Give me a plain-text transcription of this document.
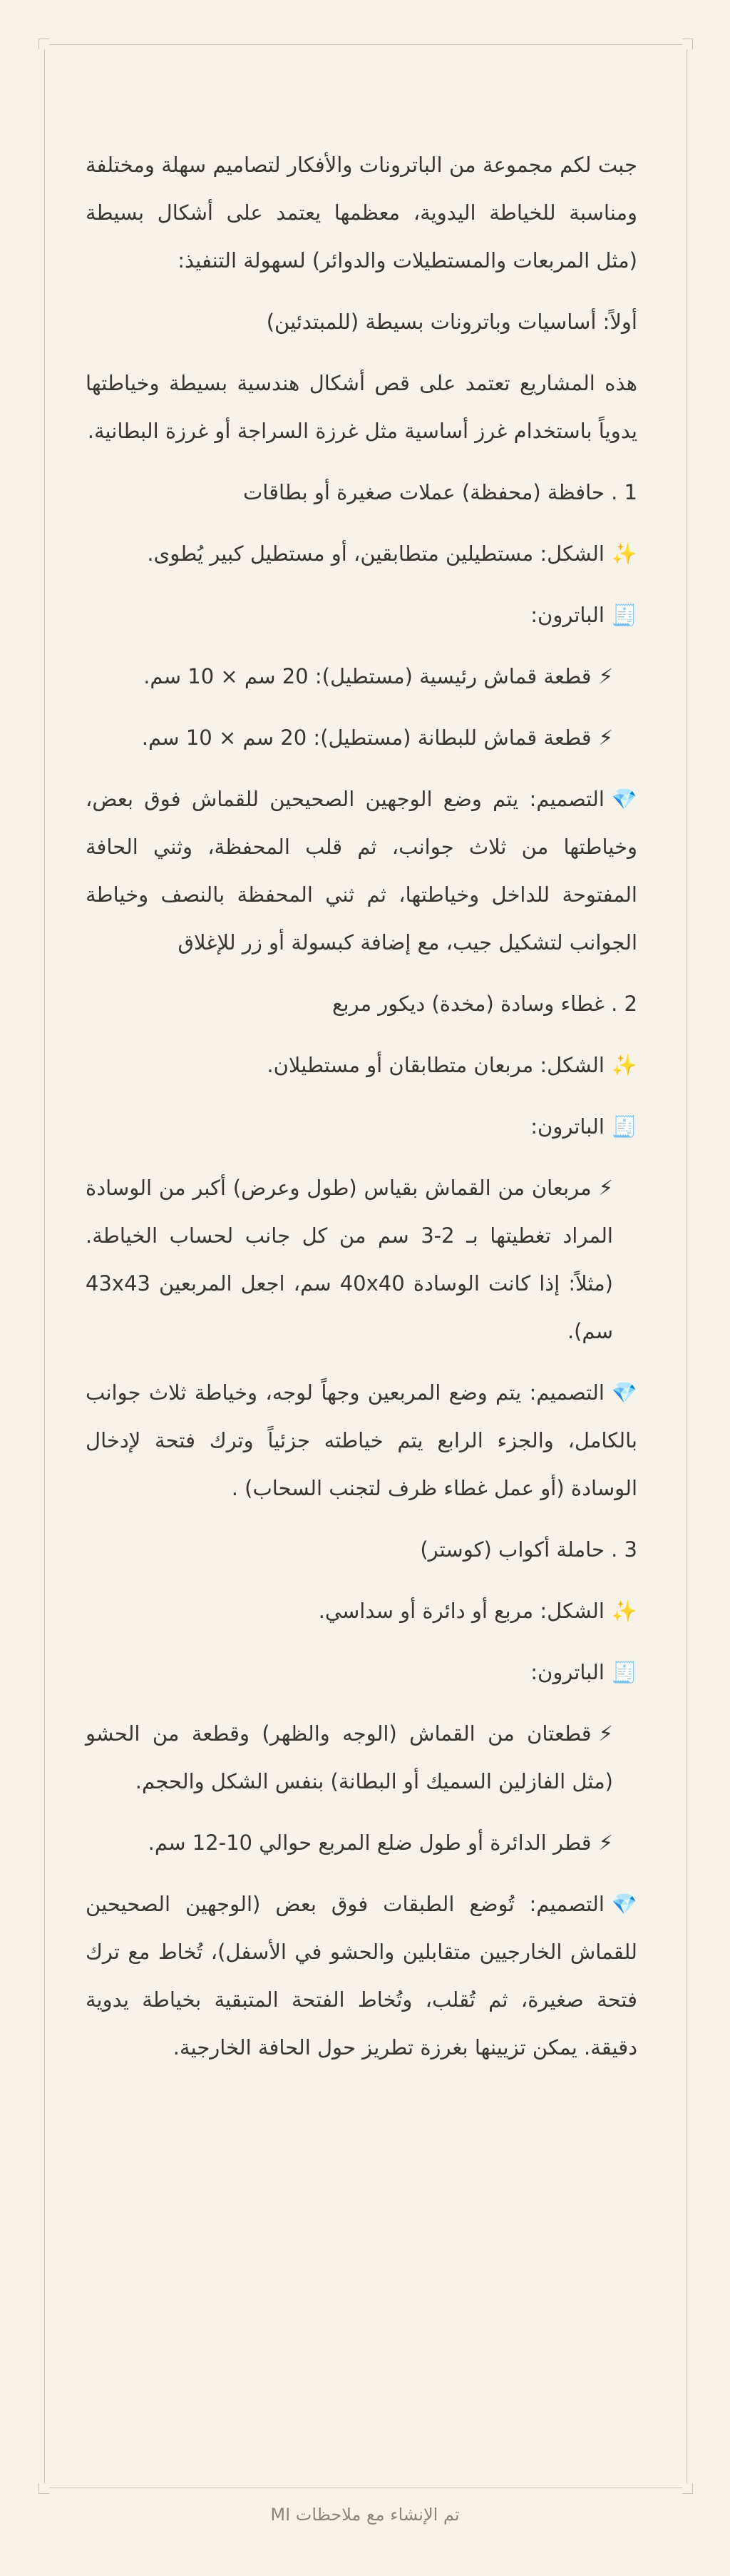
جبت لكم مجموعة من الباترونات والأفكار لتصاميم سهلة ومختلفة ومناسبة للخياطة اليدوية، معظمها يعتمد على أشكال بسيطة (مثل المربعات والمستطيلات والدوائر) لسهولة التنفيذ:

أولاً: أساسيات وباترونات بسيطة (للمبتدئين)

هذه المشاريع تعتمد على قص أشكال هندسية بسيطة وخياطتها يدوياً باستخدام غرز أساسية مثل غرزة السراجة أو غرزة البطانية.

1 . حافظة (محفظة) عملات صغيرة أو بطاقات

✨الشكل: مستطيلين متطابقين، أو مستطيل كبير يُطوى.

🧾الباترون:

⚡قطعة قماش رئيسية (مستطيل): 20 سم × 10 سم.

⚡قطعة قماش للبطانة (مستطيل): 20 سم × 10 سم.

💎التصميم: يتم وضع الوجهين الصحيحين للقماش فوق بعض، وخياطتها من ثلاث جوانب، ثم قلب المحفظة، وثني الحافة المفتوحة للداخل وخياطتها، ثم ثني المحفظة بالنصف وخياطة الجوانب لتشكيل جيب، مع إضافة كبسولة أو زر للإغلاق

2 . غطاء وسادة (مخدة) ديكور مربع

✨الشكل: مربعان متطابقان أو مستطيلان.

🧾الباترون:

⚡مربعان من القماش بقياس (طول وعرض) أكبر من الوسادة المراد تغطيتها بـ 2-3 سم من كل جانب لحساب الخياطة. (مثلاً: إذا كانت الوسادة 40x40 سم، اجعل المربعين 43x43 سم).

💎التصميم: يتم وضع المربعين وجهاً لوجه، وخياطة ثلاث جوانب بالكامل، والجزء الرابع يتم خياطته جزئياً وترك فتحة لإدخال الوسادة (أو عمل غطاء ظرف لتجنب السحاب) .

3 . حاملة أكواب (كوستر)

✨الشكل: مربع أو دائرة أو سداسي.

🧾الباترون:

⚡قطعتان من القماش (الوجه والظهر) وقطعة من الحشو (مثل الفازلين السميك أو البطانة) بنفس الشكل والحجم.

⚡قطر الدائرة أو طول ضلع المربع حوالي 10-12 سم.

💎التصميم: تُوضع الطبقات فوق بعض (الوجهين الصحيحين للقماش الخارجيين متقابلين والحشو في الأسفل)، تُخاط مع ترك فتحة صغيرة، ثم تُقلب، وتُخاط الفتحة المتبقية بخياطة يدوية دقيقة. يمكن تزيينها بغرزة تطريز حول الحافة الخارجية.

تم الإنشاء مع ملاحظات MI
